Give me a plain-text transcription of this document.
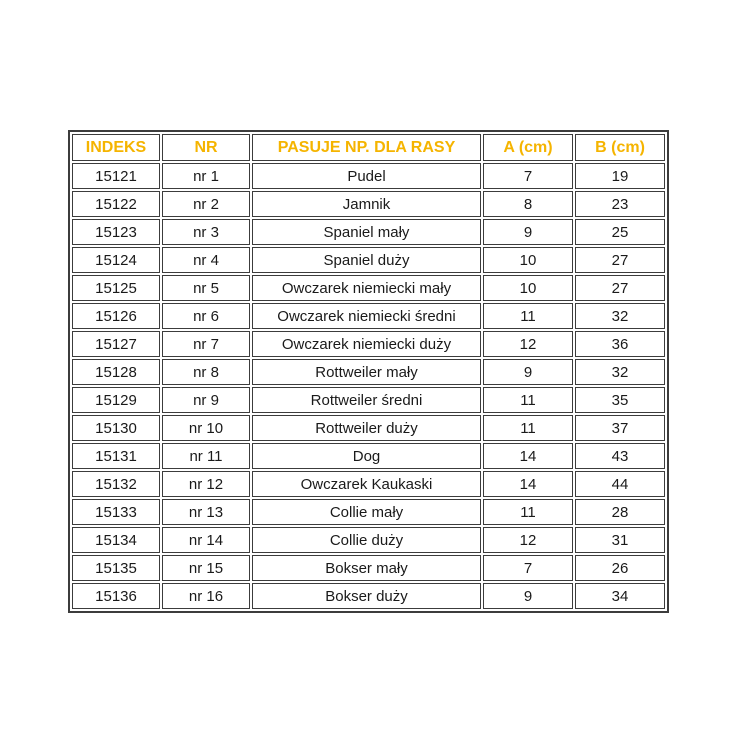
INDEKS	NR	PASUJE NP. DLA RASY	A (cm)	B (cm)
15121	nr 1	Pudel	7	19
15122	nr 2	Jamnik	8	23
15123	nr 3	Spaniel mały	9	25
15124	nr 4	Spaniel duży	10	27
15125	nr 5	Owczarek niemiecki mały	10	27
15126	nr 6	Owczarek niemiecki średni	11	32
15127	nr 7	Owczarek niemiecki duży	12	36
15128	nr 8	Rottweiler mały	9	32
15129	nr 9	Rottweiler średni	11	35
15130	nr 10	Rottweiler duży	11	37
15131	nr 11	Dog	14	43
15132	nr 12	Owczarek Kaukaski	14	44
15133	nr 13	Collie mały	11	28
15134	nr 14	Collie duży	12	31
15135	nr 15	Bokser mały	7	26
15136	nr 16	Bokser duży	9	34
